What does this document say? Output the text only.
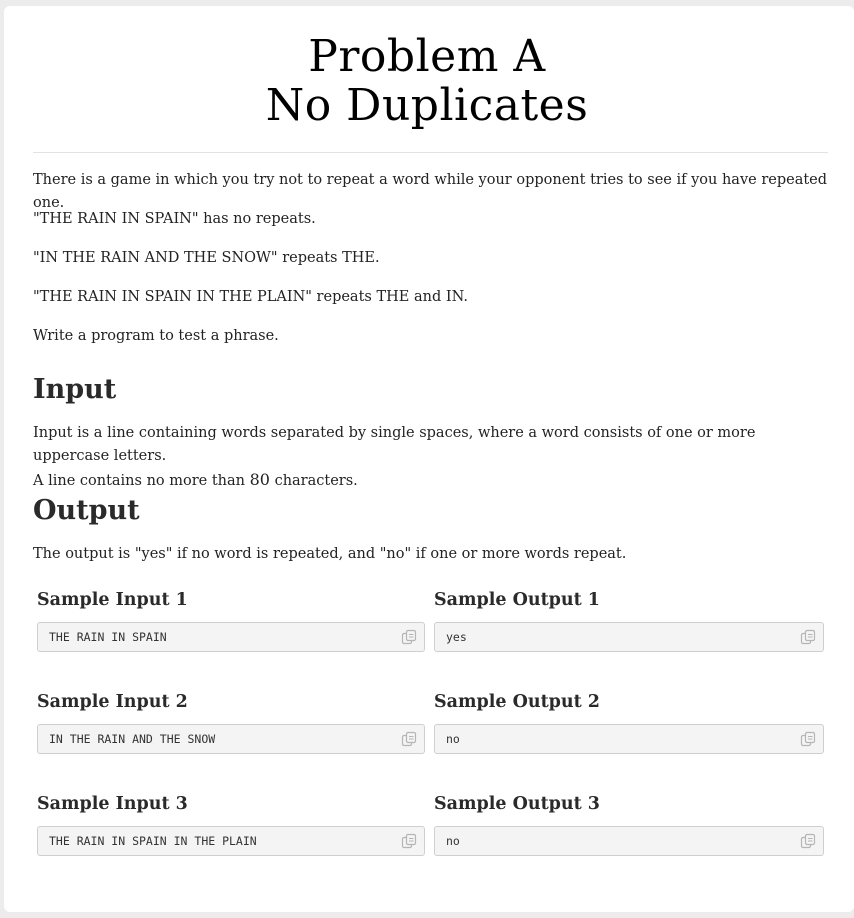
Problem A
No Duplicates

There is a game in which you try not to repeat a word while your opponent tries to see if you have repeated one.

"THE RAIN IN SPAIN" has no repeats.

"IN THE RAIN AND THE SNOW" repeats THE.

"THE RAIN IN SPAIN IN THE PLAIN" repeats THE and IN.

Write a program to test a phrase.

Input

Input is a line containing words separated by single spaces, where a word consists of one or more uppercase letters.
A line contains no more than 80 characters.

Output

The output is "yes" if no word is repeated, and "no" if one or more words repeat.

Sample Input 1	Sample Output 1
THE RAIN IN SPAIN	yes
Sample Input 2	Sample Output 2
IN THE RAIN AND THE SNOW	no
Sample Input 3	Sample Output 3
THE RAIN IN SPAIN IN THE PLAIN	no
